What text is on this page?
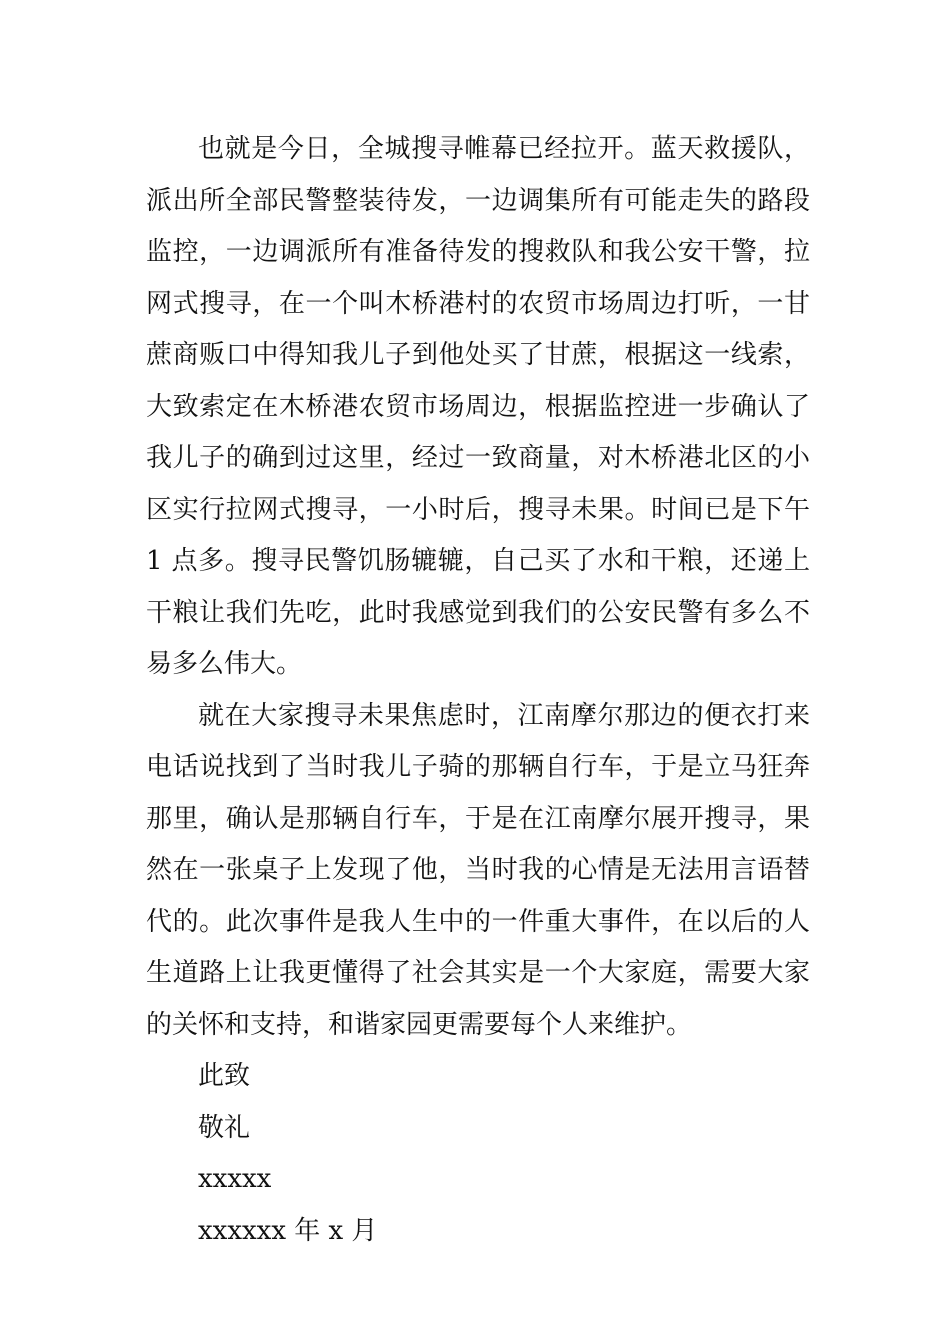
也就是今日，全城搜寻帷幕已经拉开。蓝天救援队，派出所全部民警整装待发，一边调集所有可能走失的路段监控，一边调派所有准备待发的搜救队和我公安干警，拉网式搜寻，在一个叫木桥港村的农贸市场周边打听，一甘蔗商贩口中得知我儿子到他处买了甘蔗，根据这一线索，大致索定在木桥港农贸市场周边，根据监控进一步确认了我儿子的确到过这里，经过一致商量，对木桥港北区的小区实行拉网式搜寻，一小时后，搜寻未果。时间已是下午 1 点多。搜寻民警饥肠辘辘，自己买了水和干粮，还递上干粮让我们先吃，此时我感觉到我们的公安民警有多么不易多么伟大。

就在大家搜寻未果焦虑时，江南摩尔那边的便衣打来电话说找到了当时我儿子骑的那辆自行车，于是立马狂奔那里，确认是那辆自行车，于是在江南摩尔展开搜寻，果然在一张桌子上发现了他，当时我的心情是无法用言语替代的。此次事件是我人生中的一件重大事件，在以后的人生道路上让我更懂得了社会其实是一个大家庭，需要大家的关怀和支持，和谐家园更需要每个人来维护。

此致

敬礼

xxxxx

xxxxxx 年 x 月
